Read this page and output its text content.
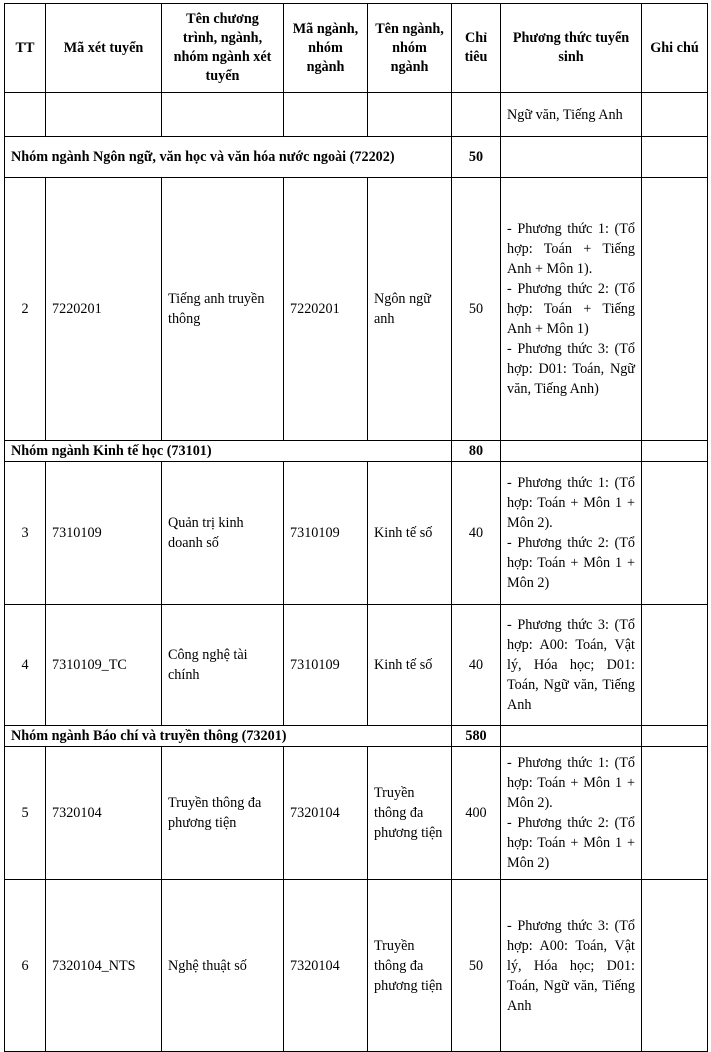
TT	Mã xét tuyển	Tên chương trình, ngành, nhóm ngành xét tuyển	Mã ngành, nhóm ngành	Tên ngành, nhóm ngành	Chỉ tiêu	Phương thức tuyển sinh	Ghi chú
						Ngữ văn, Tiếng Anh	
Nhóm ngành Ngôn ngữ, văn học và văn hóa nước ngoài (72202)					50		
2	7220201	Tiếng anh truyền thông	7220201	Ngôn ngữ anh	50	- Phương thức 1: (Tổ hợp: Toán + Tiếng Anh + Môn 1).
- Phương thức 2: (Tổ hợp: Toán + Tiếng Anh + Môn 1)
- Phương thức 3: (Tổ hợp: D01: Toán, Ngữ văn, Tiếng Anh)	

Nhóm ngành Kinh tế học (73101)					80		
3	7310109	Quản trị kinh doanh số	7310109	Kinh tế số	40	- Phương thức 1: (Tổ hợp: Toán + Môn 1 + Môn 2).
- Phương thức 2: (Tổ hợp: Toán + Môn 1 + Môn 2)	

4	7310109_TC	Công nghệ tài chính	7310109	Kinh tế số	40	- Phương thức 3: (Tổ hợp: A00: Toán, Vật lý, Hóa học; D01: Toán, Ngữ văn, Tiếng Anh	

Nhóm ngành Báo chí và truyền thông (73201)					580		
5	7320104	Truyền thông đa phương tiện	7320104	Truyền thông đa phương tiện	400	- Phương thức 1: (Tổ hợp: Toán + Môn 1 + Môn 2).
- Phương thức 2: (Tổ hợp: Toán + Môn 1 + Môn 2)	

6	7320104_NTS	Nghệ thuật số	7320104	Truyền thông đa phương tiện	50	- Phương thức 3: (Tổ hợp: A00: Toán, Vật lý, Hóa học; D01: Toán, Ngữ văn, Tiếng Anh	
